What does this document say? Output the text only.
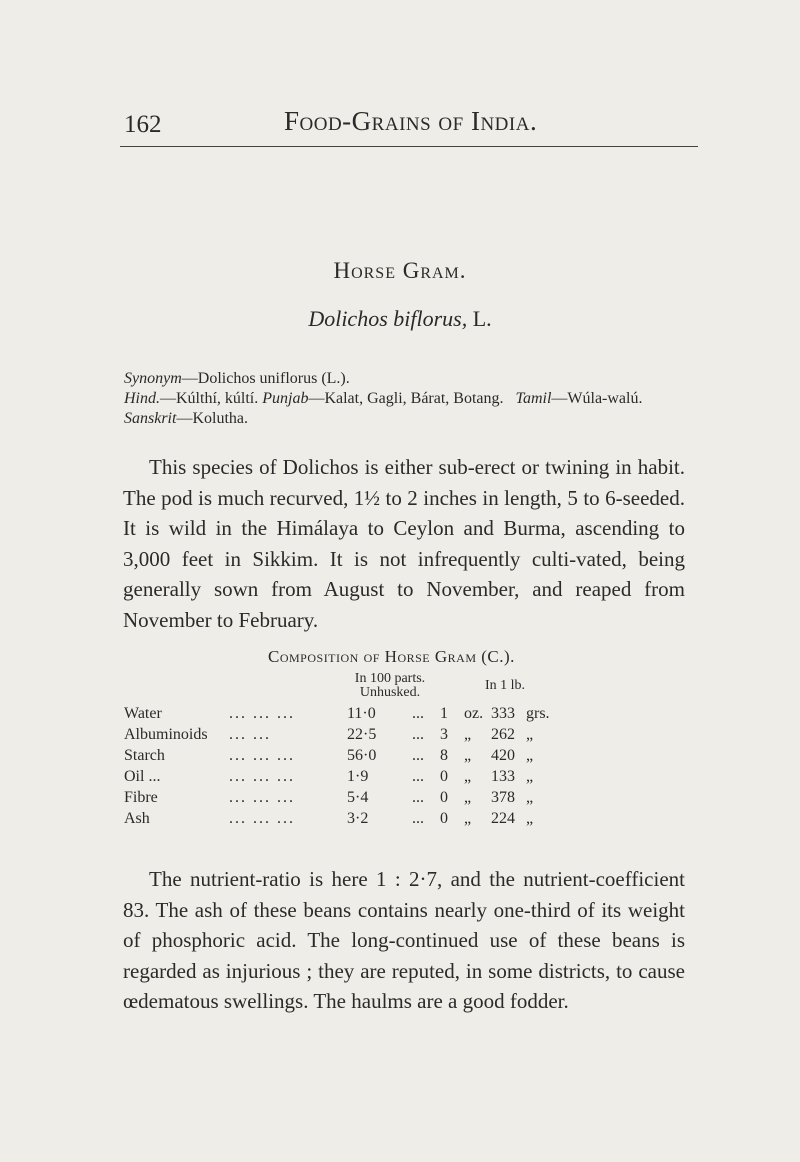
162	Food-Grains of India.
Horse Gram.
Dolichos biflorus, L.
Synonym—Dolichos uniflorus (L.).
Hind.—Kúlthí, kúltí. Punjab—Kalat, Gagli, Bárat, Botang. Tamil—Wúla-walú.
Sanskrit—Kolutha.

This species of Dolichos is either sub-erect or twining in habit. The pod is much recurved, 1½ to 2 inches in length, 5 to 6-seeded. It is wild in the Himálaya to Ceylon and Burma, ascending to 3,000 feet in Sikkim. It is not infrequently culti-vated, being generally sown from August to November, and reaped from November to February.

Composition of Horse Gram (C.).
In 100 parts.
Unhusked.	In 1 lb.
Water	... ... ...	11·0	... 1 oz. 333 grs.
Albuminoids ... ...	22·5	... 3 „ 262 „
Starch	... ... ...	56·0	... 8 „ 420 „
Oil ...	... ... ...	1·9	... 0 „ 133 „
Fibre	... ... ...	5·4	... 0 „ 378 „
Ash	... ... ...	3·2	... 0 „ 224 „

The nutrient-ratio is here 1 : 2·7, and the nutrient-coefficient 83. The ash of these beans contains nearly one-third of its weight of phosphoric acid. The long-continued use of these beans is regarded as injurious ; they are reputed, in some districts, to cause œdematous swellings. The haulms are a good fodder.
